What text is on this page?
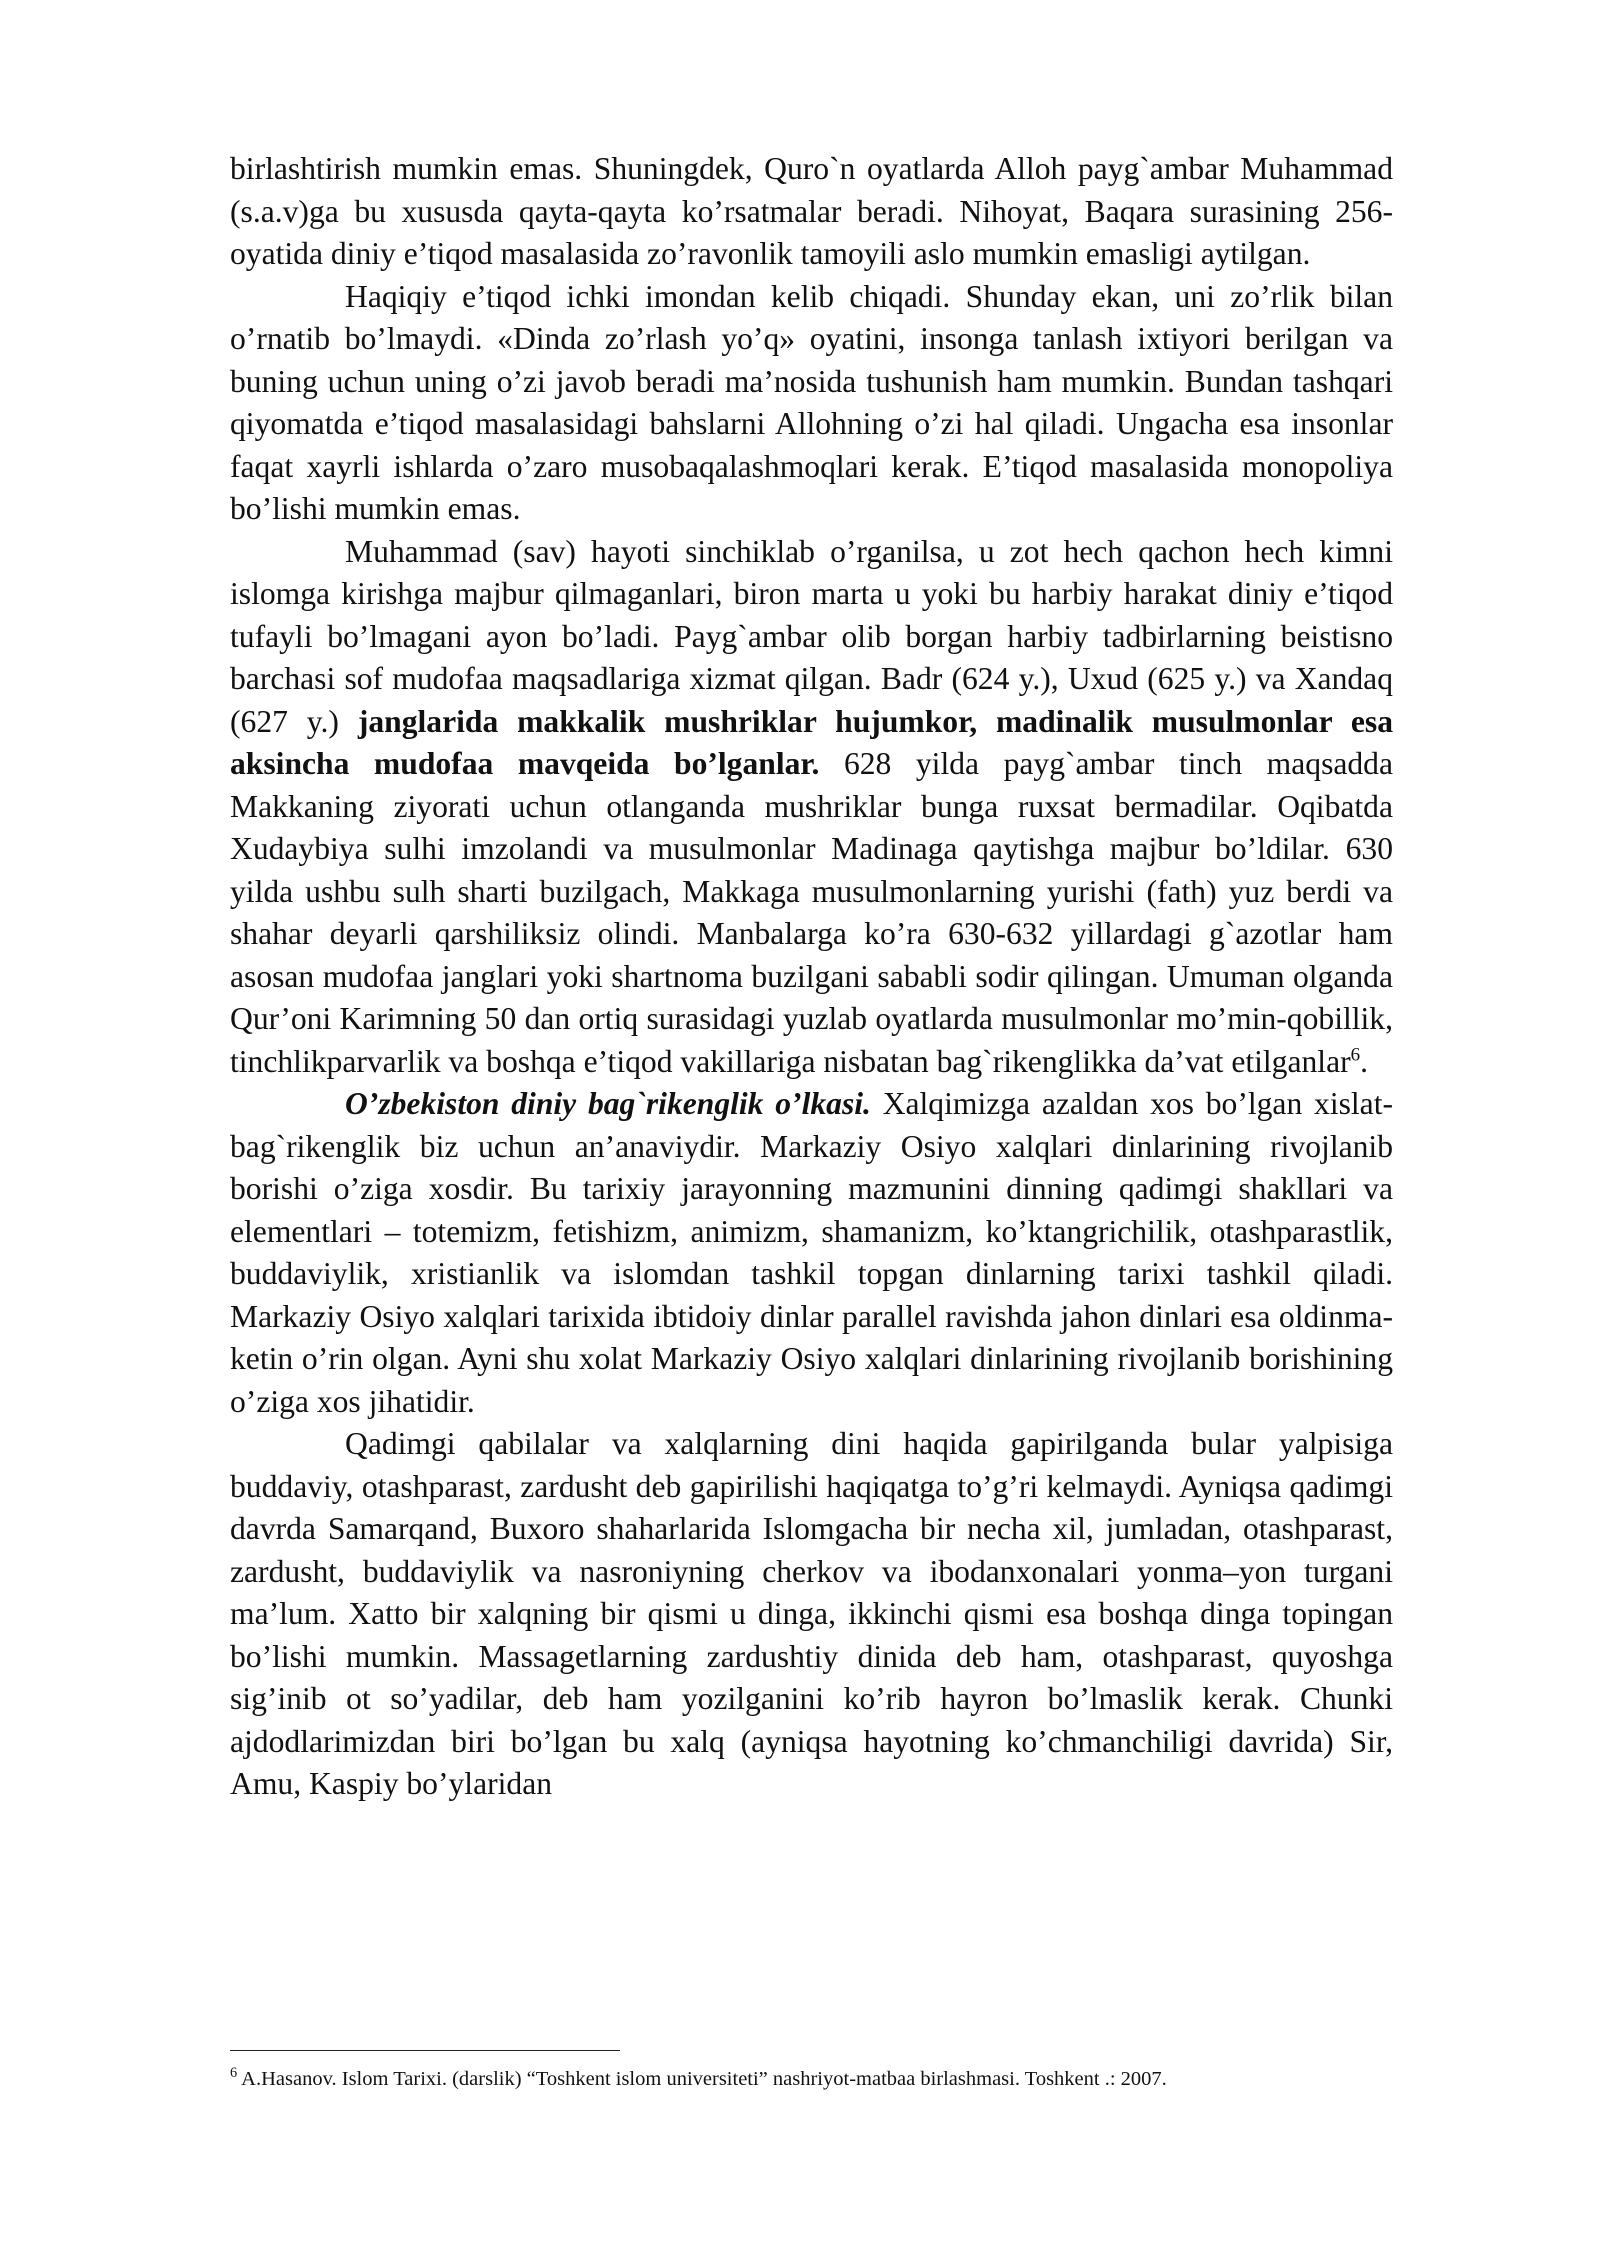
birlashtirish mumkin emas. Shuningdek, Quro`n oyatlarda Alloh payg`ambar Muhammad (s.a.v)ga bu xususda qayta-qayta ko’rsatmalar beradi. Nihoyat, Baqara surasining 256-oyatida diniy e’tiqod masalasida zo’ravonlik tamoyili aslo mumkin emasligi aytilgan.

Haqiqiy e’tiqod ichki imondan kelib chiqadi. Shunday ekan, uni zo’rlik bilan o’rnatib bo’lmaydi. «Dinda zo’rlash yo’q» oyatini, insonga tanlash ixtiyori berilgan va buning uchun uning o’zi javob beradi ma’nosida tushunish ham mumkin. Bundan tashqari qiyomatda e’tiqod masalasidagi bahslarni Allohning o’zi hal qiladi. Ungacha esa insonlar faqat xayrli ishlarda o’zaro musobaqalashmoqlari kerak. E’tiqod masalasida monopoliya bo’lishi mumkin emas.

Muhammad (sav) hayoti sinchiklab o’rganilsa, u zot hech qachon hech kimni islomga kirishga majbur qilmaganlari, biron marta u yoki bu harbiy harakat diniy e’tiqod tufayli bo’lmagani ayon bo’ladi. Payg`ambar olib borgan harbiy tadbirlarning beistisno barchasi sof mudofaa maqsadlariga xizmat qilgan. Badr (624 y.), Uxud (625 y.) va Xandaq (627 y.) janglarida makkalik mushriklar hujumkor, madinalik musulmonlar esa aksincha mudofaa mavqeida bo’lganlar. 628 yilda payg`ambar tinch maqsadda Makkaning ziyorati uchun otlanganda mushriklar bunga ruxsat bermadilar. Oqibatda Xudaybiya sulhi imzolandi va musulmonlar Madinaga qaytishga majbur bo’ldilar. 630 yilda ushbu sulh sharti buzilgach, Makkaga musulmonlarning yurishi (fath) yuz berdi va shahar deyarli qarshiliksiz olindi. Manbalarga ko’ra 630-632 yillardagi g`azotlar ham asosan mudofaa janglari yoki shartnoma buzilgani sababli sodir qilingan. Umuman olganda Qur’oni Karimning 50 dan ortiq surasidagi yuzlab oyatlarda musulmonlar mo’min-qobillik, tinchlikparvarlik va boshqa e’tiqod vakillariga nisbatan bag`rikenglikka da’vat etilganlar$^6$.

O’zbekiston diniy bag`rikenglik o’lkasi. Xalqimizga azaldan xos bo’lgan xislat-bag`rikenglik biz uchun an’anaviydir. Markaziy Osiyo xalqlari dinlarining rivojlanib borishi o’ziga xosdir. Bu tarixiy jarayonning mazmunini dinning qadimgi shakllari va elementlari – totemizm, fetishizm, animizm, shamanizm, ko’ktangrichilik, otashparastlik, buddaviylik, xristianlik va islomdan tashkil topgan dinlarning tarixi tashkil qiladi. Markaziy Osiyo xalqlari tarixida ibtidoiy dinlar parallel ravishda jahon dinlari esa oldinma-ketin o’rin olgan. Ayni shu xolat Markaziy Osiyo xalqlari dinlarining rivojlanib borishining o’ziga xos jihatidir.

Qadimgi qabilalar va xalqlarning dini haqida gapirilganda bular yalpisiga buddaviy, otashparast, zardusht deb gapirilishi haqiqatga to’g’ri kelmaydi. Ayniqsa qadimgi davrda Samarqand, Buxoro shaharlarida Islomgacha bir necha xil, jumladan, otashparast, zardusht, buddaviylik va nasroniyning cherkov va ibodanxonalari yonma–yon turgani ma’lum. Xatto bir xalqning bir qismi u dinga, ikkinchi qismi esa boshqa dinga topingan bo’lishi mumkin. Massagetlarning zardushtiy dinida deb ham, otashparast, quyoshga sig’inib ot so’yadilar, deb ham yozilganini ko’rib hayron bo’lmaslik kerak. Chunki ajdodlarimizdan biri bo’lgan bu xalq (ayniqsa hayotning ko’chmanchiligi davrida) Sir, Amu, Kaspiy bo’ylaridan

$^6$ A.Hasanov. Islom Tarixi. (darslik) “Toshkent islom universiteti” nashriyot-matbaa birlashmasi. Toshkent .: 2007.
